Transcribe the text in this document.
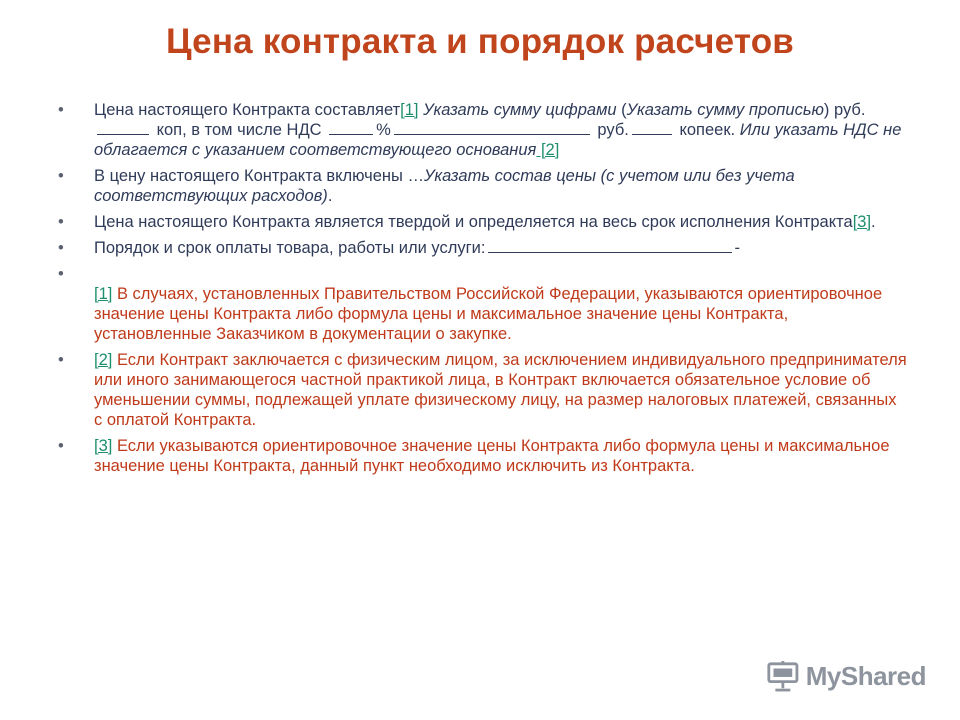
Цена контракта и порядок расчетов
• Цена настоящего Контракта составляет[1] Указать сумму цифрами (Указать сумму прописью) руб. коп, в том числе НДС	%	руб.	копеек. Или указать НДС не облагается с указанием соответствующего основания [2]
• В цену настоящего Контракта включены …Указать состав цены (с учетом или без учета соответствующих расходов).
• Цена настоящего Контракта является твердой и определяется на весь срок исполнения Контракта[3].
• Порядок и срок оплаты товара, работы или услуги:	-
•
[1] В случаях, установленных Правительством Российской Федерации, указываются ориентировочное значение цены Контракта либо формула цены и максимальное значение цены Контракта, установленные Заказчиком в документации о закупке.
• [2] Если Контракт заключается с физическим лицом, за исключением индивидуального предпринимателя или иного занимающегося частной практикой лица, в Контракт включается обязательное условие об уменьшении суммы, подлежащей уплате физическому лицу, на размер налоговых платежей, связанных с оплатой Контракта.
• [3] Если указываются ориентировочное значение цены Контракта либо формула цены и максимальное значение цены Контракта, данный пункт необходимо исключить из Контракта.
MyShared
